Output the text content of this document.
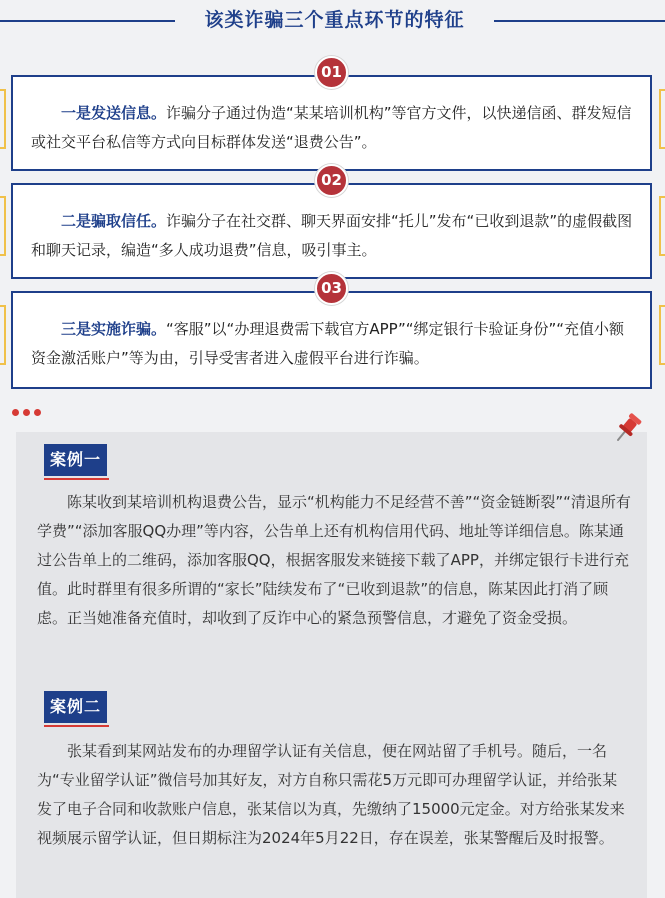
该类诈骗三个重点环节的特征
一是发送信息。诈骗分子通过伪造“某某培训机构”等官方文件，以快递信函、群发短信或社交平台私信等方式向目标群体发送“退费公告”。
01
二是骗取信任。诈骗分子在社交群、聊天界面安排“托儿”发布“已收到退款”的虚假截图和聊天记录，编造“多人成功退费”信息，吸引事主。
02
三是实施诈骗。“客服”以“办理退费需下载官方APP”“绑定银行卡验证身份”“充值小额资金激活账户”等为由，引导受害者进入虚假平台进行诈骗。
03
案例一
陈某收到某培训机构退费公告，显示“机构能力不足经营不善”“资金链断裂”“清退所有学费”“添加客服QQ办理”等内容，公告单上还有机构信用代码、地址等详细信息。陈某通过公告单上的二维码，添加客服QQ，根据客服发来链接下载了APP，并绑定银行卡进行充值。此时群里有很多所谓的“家长”陆续发布了“已收到退款”的信息，陈某因此打消了顾虑。正当她准备充值时，却收到了反诈中心的紧急预警信息，才避免了资金受损。
案例二
张某看到某网站发布的办理留学认证有关信息，便在网站留了手机号。随后，一名为“专业留学认证”微信号加其好友，对方自称只需花5万元即可办理留学认证，并给张某发了电子合同和收款账户信息，张某信以为真，先缴纳了15000元定金。对方给张某发来视频展示留学认证，但日期标注为2024年5月22日，存在误差，张某警醒后及时报警。
